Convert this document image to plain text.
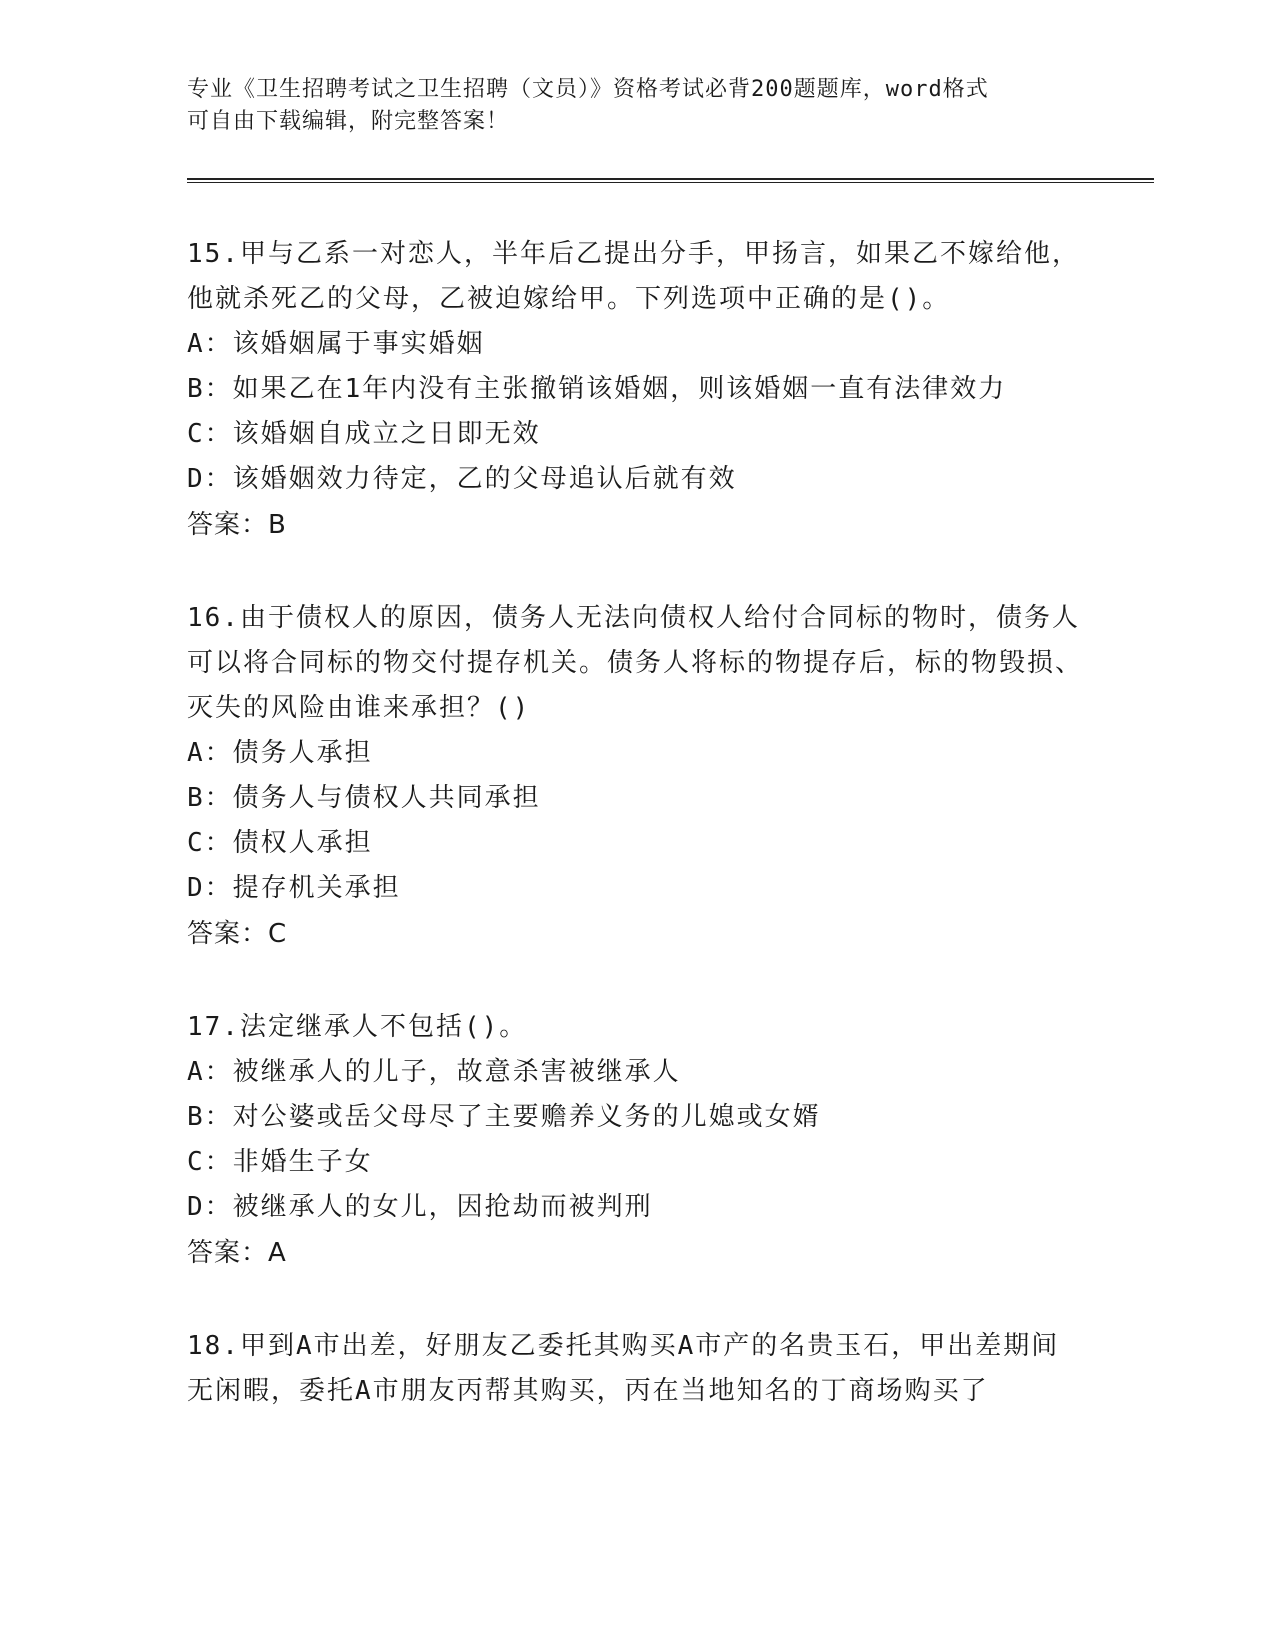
专业《卫生招聘考试之卫生招聘（文员）》资格考试必背200题题库，word格式
可自由下载编辑，附完整答案！
15.甲与乙系一对恋人，半年后乙提出分手，甲扬言，如果乙不嫁给他，他就杀死乙的父母，乙被迫嫁给甲。下列选项中正确的是()。
A：该婚姻属于事实婚姻
B：如果乙在1年内没有主张撤销该婚姻，则该婚姻一直有法律效力
C：该婚姻自成立之日即无效
D：该婚姻效力待定，乙的父母追认后就有效
答案：B
16.由于债权人的原因，债务人无法向债权人给付合同标的物时，债务人可以将合同标的物交付提存机关。债务人将标的物提存后，标的物毁损、灭失的风险由谁来承担？()
A：债务人承担
B：债务人与债权人共同承担
C：债权人承担
D：提存机关承担
答案：C
17.法定继承人不包括()。
A：被继承人的儿子，故意杀害被继承人
B：对公婆或岳父母尽了主要赡养义务的儿媳或女婿
C：非婚生子女
D：被继承人的女儿，因抢劫而被判刑
答案：A
18.甲到A市出差，好朋友乙委托其购买A市产的名贵玉石，甲出差期间无闲暇，委托A市朋友丙帮其购买，丙在当地知名的丁商场购买了
